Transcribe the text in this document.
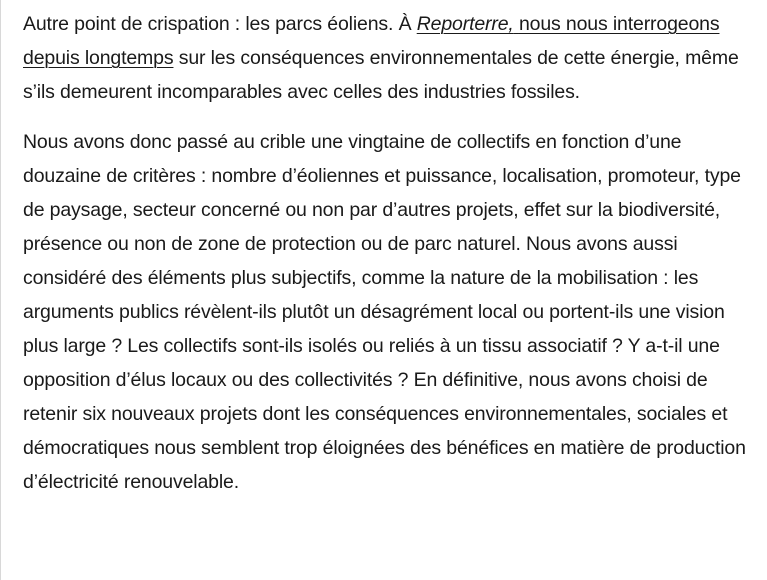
Autre point de crispation : les parcs éoliens. À Reporterre, nous nous interrogeons depuis longtemps sur les conséquences environnementales de cette énergie, même s’ils demeurent incomparables avec celles des industries fossiles.

Nous avons donc passé au crible une vingtaine de collectifs en fonction d’une douzaine de critères : nombre d’éoliennes et puissance, localisation, promoteur, type de paysage, secteur concerné ou non par d’autres projets, effet sur la biodiversité, présence ou non de zone de protection ou de parc naturel. Nous avons aussi considéré des éléments plus subjectifs, comme la nature de la mobilisation : les arguments publics révèlent-ils plutôt un désagrément local ou portent-ils une vision plus large ? Les collectifs sont-ils isolés ou reliés à un tissu associatif ? Y a-t-il une opposition d’élus locaux ou des collectivités ? En définitive, nous avons choisi de retenir six nouveaux projets dont les conséquences environnementales, sociales et démocratiques nous semblent trop éloignées des bénéfices en matière de production d’électricité renouvelable.
